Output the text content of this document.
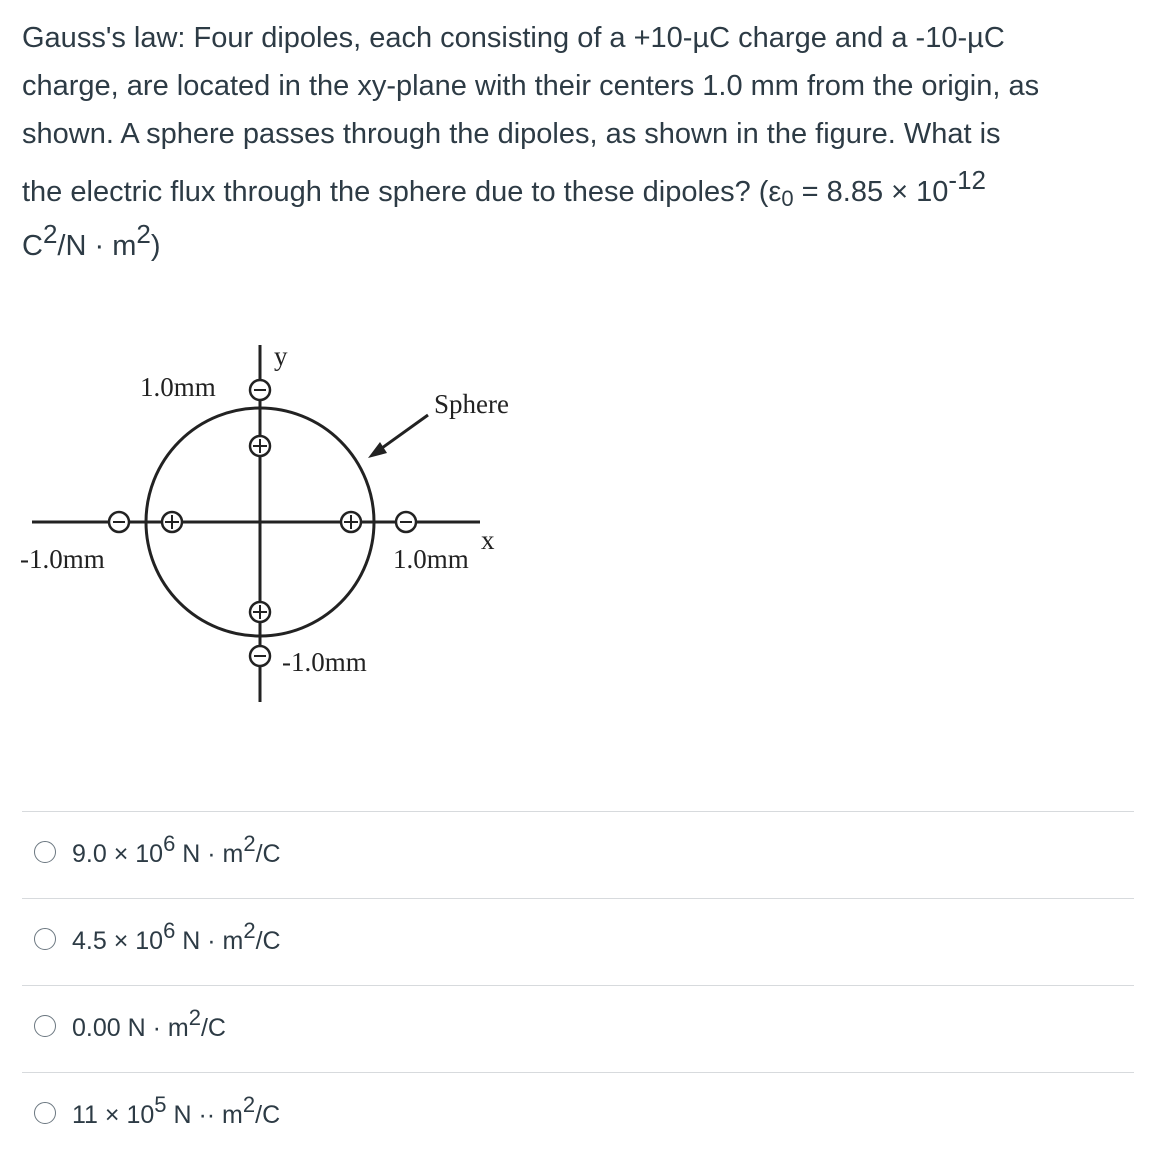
Gauss's law: Four dipoles, each consisting of a +10-µC charge and a -10-µC
charge, are located in the xy-plane with their centers 1.0 mm from the origin, as
shown. A sphere passes through the dipoles, as shown in the figure. What is
the electric flux through the sphere due to these dipoles? ($\varepsilon_0 = 8.85 \times 10^{-12}$
$C^2/N \cdot m^2$)
y
x
1.0mm
-1.0mm	1.0mm
-1.0mm
Sphere
$9.0 \times 10^6$ $N \cdot m^2/C$
$4.5 \times 10^6$ $N \cdot m^2/C$
0.00 $N \cdot m^2/C$
$11 \times 10^5$ $N \cdot\cdot m^2/C$
